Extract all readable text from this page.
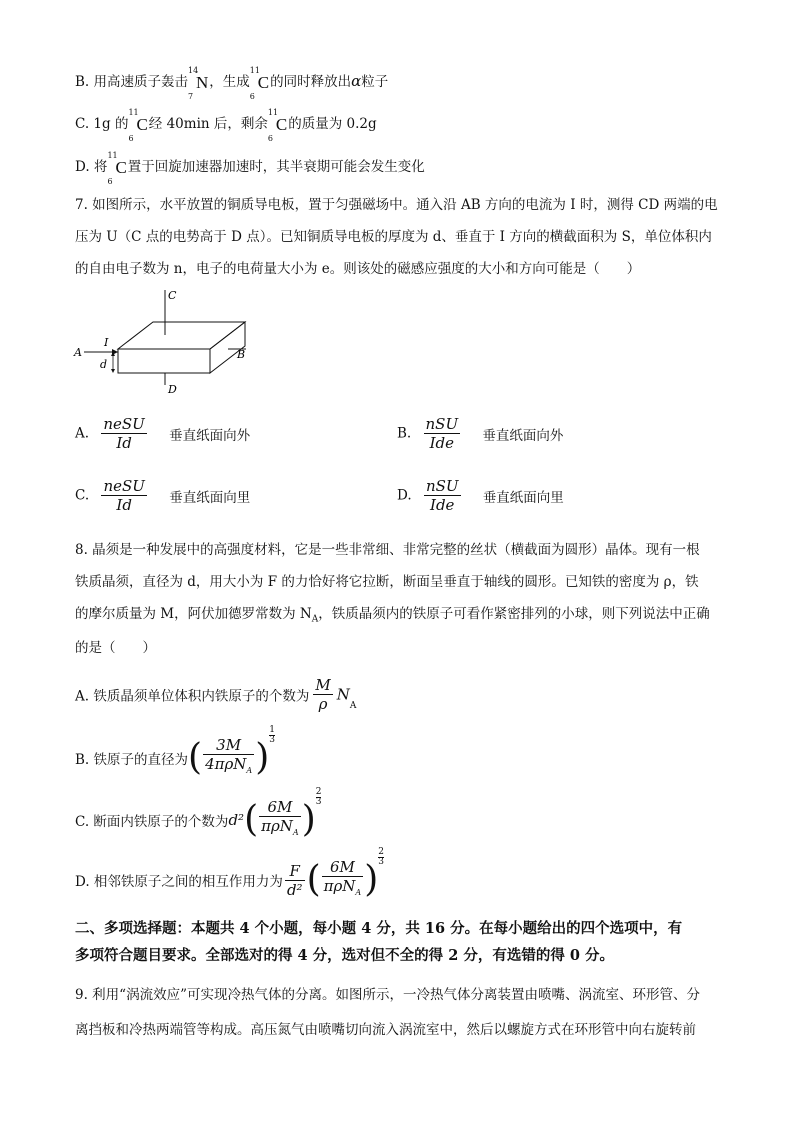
B. 用高速质子轰击
14
7
N，生成
11
6
C的同时释放出α粒子
C. 1g 的
11
6
C经 40min 后，剩余
11
6
C的质量为 0.2g
D. 将
11
6
C置于回旋加速器加速时，其半衰期可能会发生变化
7. 如图所示，水平放置的铜质导电板，置于匀强磁场中。通入沿 AB 方向的电流为 I 时，测得 CD 两端的电
压为 U（C 点的电势高于 D 点）。已知铜质导电板的厚度为 d、垂直于 I 方向的横截面积为 S，单位体积内
的自由电子数为 n，电子的电荷量大小为 e。则该处的磁感应强度的大小和方向可能是（　　）
C
D
A
I
B
d
A. $\frac{\text{neSU}}{Id}$ 垂直纸面向外	B. $\frac{\text{nSU}}{\text{Ide}}$ 垂直纸面向外
C. $\frac{\text{neSU}}{Id}$ 垂直纸面向里	D. $\frac{\text{nSU}}{\text{Ide}}$ 垂直纸面向里
8. 晶须是一种发展中的高强度材料，它是一些非常细、非常完整的丝状（横截面为圆形）晶体。现有一根
铁质晶须，直径为 d，用大小为 F 的力恰好将它拉断，断面呈垂直于轴线的圆形。已知铁的密度为 ρ，铁
的摩尔质量为 M，阿伏加德罗常数为 $N_A$，铁质晶须内的铁原子可看作紧密排列的小球，则下列说法中正确
的是（　　）
A. 铁质晶须单位体积内铁原子的个数为 $\frac{M}{\rho} N_A$
B. 铁原子的直径为( $\frac{3M}{4\pi\rho N_A}$ )
$\frac{1}{3}$
C. 断面内铁原子的个数为$d^2( \frac{6M}{\pi\rho N_A}$ )
$\frac{2}{3}$
D. 相邻铁原子之间的相互作用力为 $\frac{F}{\text{d²}}$ ( $\frac{6M}{\pi\rho N_A}$ )
$\frac{2}{3}$
二、多项选择题：本题共 4 个小题，每小题 4 分，共 16 分。在每小题给出的四个选项中，有
多项符合题目要求。全部选对的得 4 分，选对但不全的得 2 分，有选错的得 0 分。
9. 利用“涡流效应”可实现冷热气体的分离。如图所示，一冷热气体分离装置由喷嘴、涡流室、环形管、分
离挡板和冷热两端管等构成。高压氮气由喷嘴切向流入涡流室中，然后以螺旋方式在环形管中向右旋转前
